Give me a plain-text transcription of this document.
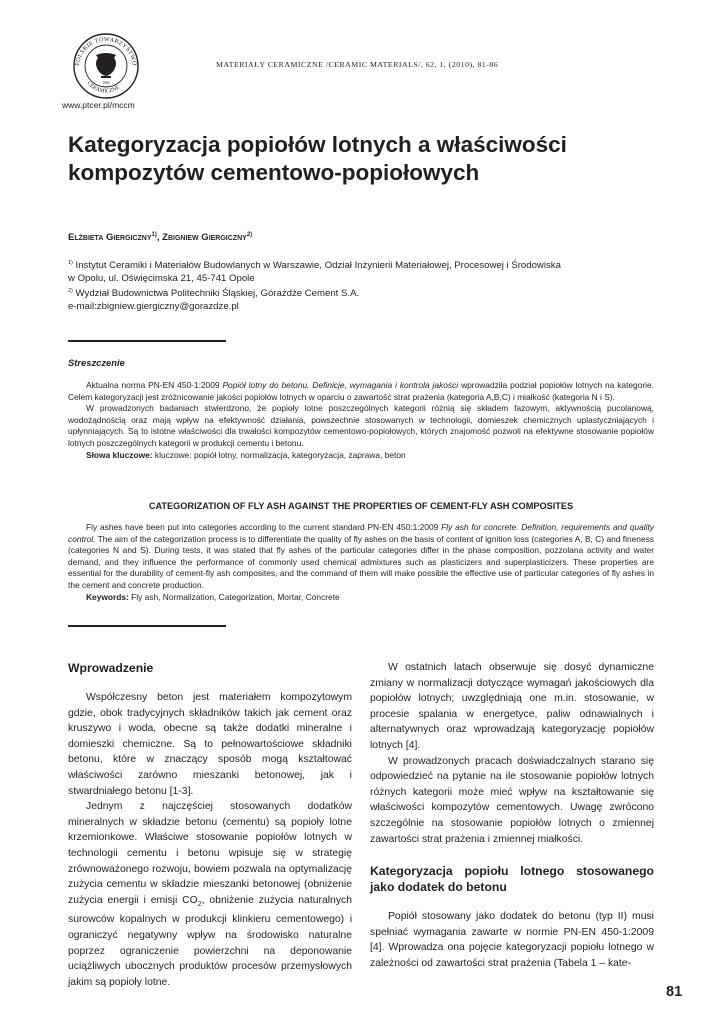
POLSKIE TOWARZYSTWO
CERAMICZNE
1984
www.ptcer.pl/mccm
MATERIAŁY CERAMICZNE /CERAMIC MATERIALS/, 62, 1, (2010), 81-86
Kategoryzacja popiołów lotnych a właściwości
kompozytów cementowo-popiołowych
Elżbieta Giergiczny$^{1)}$, Zbigniew Giergiczny$^{2)}$
$^{1)}$ Instytut Ceramiki i Materiałów Budowlanych w Warszawie, Odział Inżynierii Materiałowej, Procesowej i Środowiska
w Opolu, ul. Oświęcimska 21, 45-741 Opole
$^{2)}$ Wydział Budownictwa Politechniki Śląskiej, Górażdże Cement S.A.
e-mail:zbigniew.giergiczny@gorazdze.pl
Streszczenie

Aktualna norma PN-EN 450-1:2009 Popiół lotny do betonu. Definicje, wymagania i kontrola jakości wprowadziła podział popiołów lotnych na kategorie. Celem kategoryzacji jest zróżnicowanie jakości popiołów lotnych w oparciu o zawartość strat prażenia (kategoria A,B,C) i miałkość (kategoria N i S).

W prowadzonych badaniach stwierdzono, że popioły lotne poszczególnych kategorii różnią się składem fazowym, aktywnością pucolanową, wodożądnością oraz mają wpływ na efektywność działania, powszechnie stosowanych w technologii, domieszek chemicznych uplastyczniających i upłynniających. Są to istotne właściwości dla trwałości kompozytów cementowo-popiołowych, których znajomość pozwoli na efektywne stosowanie popiołów lotnych poszczególnych kategorii w produkcji cementu i betonu.

Słowa kluczowe: kluczowe: popiół lotny, normalizacja, kategoryzacja, zaprawa, beton

CATEGORIZATION OF FLY ASH AGAINST THE PROPERTIES OF CEMENT-FLY ASH COMPOSITES

Fly ashes have been put into categories according to the current standard PN-EN 450:1:2009 Fly ash for concrete. Definition, requirements and quality control. The aim of the categorization process is to differentiate the quality of fly ashes on the basis of content of ignition loss (categories A, B, C) and fineness (categories N and S). During tests, it was stated that fly ashes of the particular categories differ in the phase composition, pozzolana activity and water demand, and they influence the performance of commonly used chemical admixtures such as plasticizers and superplasticizers. These properties are essential for the durability of cement-fly ash composites, and the command of them will make possible the effective use of particular categories of fly ashes in the cement and concrete production.

Keywords: Fly ash, Normalization, Categorization, Mortar, Concrete

Wprowadzenie

Współczesny beton jest materiałem kompozytowym gdzie, obok tradycyjnych składników takich jak cement oraz kruszywo i woda, obecne są także dodatki mineralne i domieszki chemiczne. Są to pełnowartościowe składniki betonu, które w znaczący sposób mogą kształtować właściwości zarówno mieszanki betonowej, jak i stwardniałego betonu [1-3].

Jednym z najczęściej stosowanych dodatków mineralnych w składzie betonu (cementu) są popioły lotne krzemionkowe. Właściwe stosowanie popiołów lotnych w technologii cementu i betonu wpisuje się w strategię zrównoważonego rozwoju, bowiem pozwala na optymalizację zużycia cementu w składzie mieszanki betonowej (obniżenie zużycia energii i emisji $CO_2$, obniżenie zużycia naturalnych surowców kopalnych w produkcji klinkieru cementowego) i ograniczyć negatywny wpływ na środowisko naturalne poprzez ograniczenie powierzchni na deponowanie uciążliwych ubocznych produktów procesów przemysłowych jakim są popioły lotne.

W ostatnich latach obserwuje się dosyć dynamiczne zmiany w normalizacji dotyczące wymagań jakościowych dla popiołów lotnych; uwzględniają one m.in. stosowanie, w procesie spalania w energetyce, paliw odnawialnych i alternatywnych oraz wprowadzają kategoryzację popiołów lotnych [4].

W prowadzonych pracach doświadczalnych starano się odpowiedzieć na pytanie na ile stosowanie popiołów lotnych różnych kategorii może mieć wpływ na kształtowanie się właściwości kompozytów cementowych. Uwagę zwrócono szczególnie na stosowanie popiołów lotnych o zmiennej zawartości strat prażenia i zmiennej miałkości.

Kategoryzacja popiołu lotnego stosowanego jako dodatek do betonu

Popiół stosowany jako dodatek do betonu (typ II) musi spełniać wymagania zawarte w normie PN-EN 450-1:2009 [4]. Wprowadza ona pojęcie kategoryzacji popiołu lotnego w zależności od zawartości strat prażenia (Tabela 1 – kate-

81
